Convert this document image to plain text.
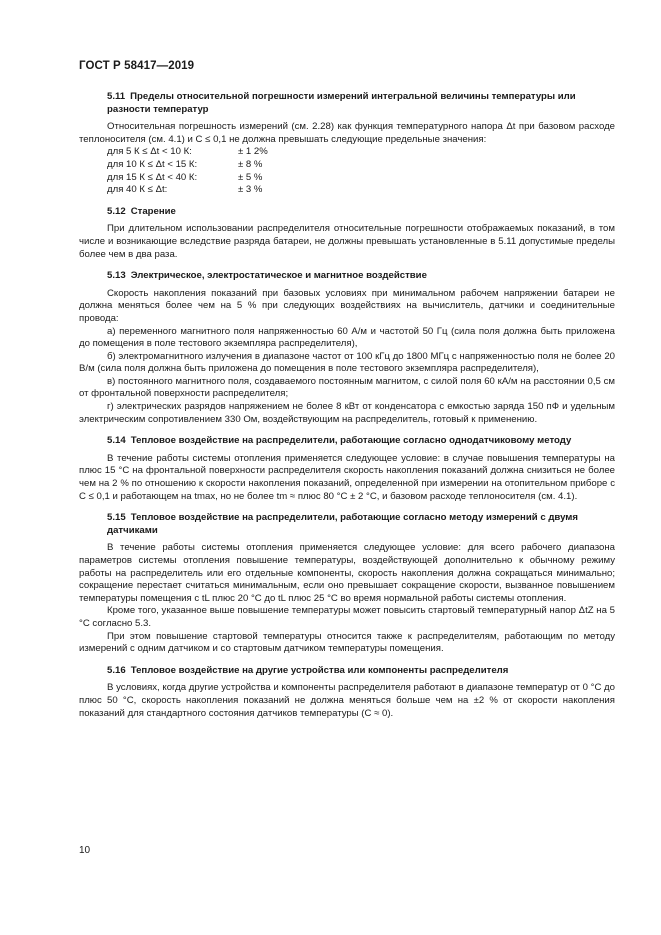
ГОСТ Р 58417—2019
5.11 Пределы относительной погрешности измерений интегральной величины температуры или разности температур

Относительная погрешность измерений (см. 2.28) как функция температурного напора Δt при базовом расходе теплоносителя (см. 4.1) и C ≤ 0,1 не должна превышать следующие предельные значения:

для 5 К ≤ Δt < 10 К:	± 1 2%
для 10 К ≤ Δt < 15 К:	± 8 %
для 15 К ≤ Δt < 40 К:	± 5 %
для 40 К ≤ Δt:	± 3 %
5.12 Старение

При длительном использовании распределителя относительные погрешности отображаемых показаний, в том числе и возникающие вследствие разряда батареи, не должны превышать установленные в 5.11 допустимые пределы более чем в два раза.

5.13 Электрическое, электростатическое и магнитное воздействие

Скорость накопления показаний при базовых условиях при минимальном рабочем напряжении батареи не должна меняться более чем на 5 % при следующих воздействиях на вычислитель, датчики и соединительные провода:

а) переменного магнитного поля напряженностью 60 А/м и частотой 50 Гц (сила поля должна быть приложена до помещения в поле тестового экземпляра распределителя),

б) электромагнитного излучения в диапазоне частот от 100 кГц до 1800 МГц с напряженностью поля не более 20 В/м (сила поля должна быть приложена до помещения в поле тестового экземпляра распределителя),

в) постоянного магнитного поля, создаваемого постоянным магнитом, с силой поля 60 кА/м на расстоянии 0,5 см от фронтальной поверхности распределителя;

г) электрических разрядов напряжением не более 8 кВт от конденсатора с емкостью заряда 150 пФ и удельным электрическим сопротивлением 330 Ом, воздействующим на распределитель, готовый к применению.

5.14 Тепловое воздействие на распределители, работающие согласно однодатчиковому методу

В течение работы системы отопления применяется следующее условие: в случае повышения температуры на плюс 15 °С на фронтальной поверхности распределителя скорость накопления показаний должна снизиться не более чем на 2 % по отношению к скорости накопления показаний, определенной при измерении на отопительном приборе с C ≤ 0,1 и работающем на tmax, но не более tm ≈ плюс 80 °С ± 2 °С, и базовом расходе теплоносителя (см. 4.1).

5.15 Тепловое воздействие на распределители, работающие согласно методу измерений с двумя датчиками

В течение работы системы отопления применяется следующее условие: для всего рабочего диапазона параметров системы отопления повышение температуры, воздействующей дополнительно к обычному режиму работы на распределитель или его отдельные компоненты, скорость накопления должна сокращаться минимально; сокращение перестает считаться минимальным, если оно превышает сокращение скорости, вызванное повышением температуры помещения с tL плюс 20 °С до tL плюс 25 °С во время нормальной работы системы отопления.

Кроме того, указанное выше повышение температуры может повысить стартовый температурный напор ΔtZ на 5 °С согласно 5.3.

При этом повышение стартовой температуры относится также к распределителям, работающим по методу измерений с одним датчиком и со стартовым датчиком температуры помещения.

5.16 Тепловое воздействие на другие устройства или компоненты распределителя

В условиях, когда другие устройства и компоненты распределителя работают в диапазоне температур от 0 °С до плюс 50 °С, скорость накопления показаний не должна меняться больше чем на ±2 % от скорости накопления показаний для стандартного состояния датчиков температуры (C ≈ 0).

10
